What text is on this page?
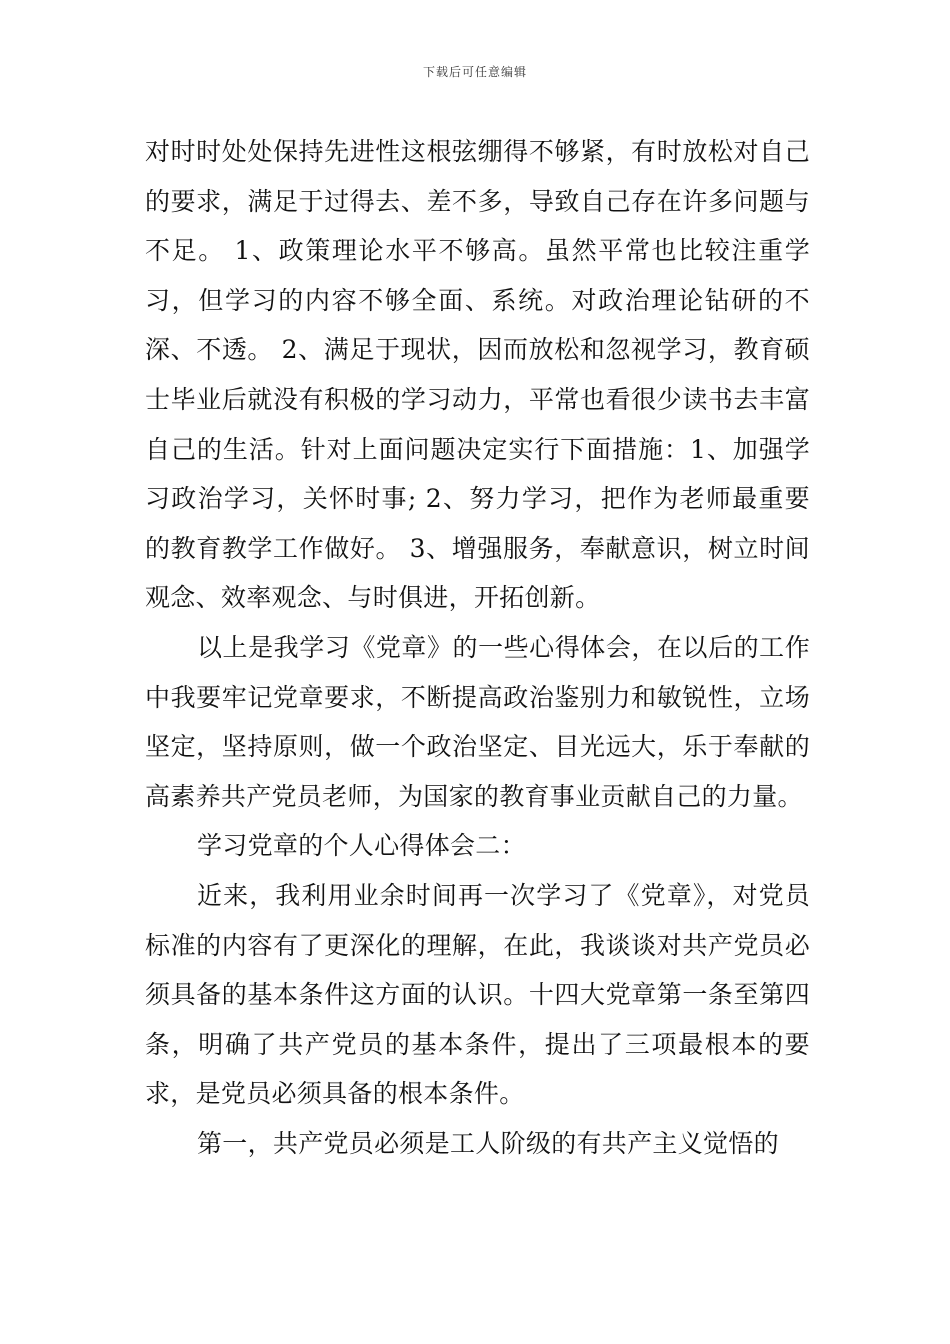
下载后可任意编辑

对时时处处保持先进性这根弦绷得不够紧，有时放松对自己的要求，满足于过得去、差不多，导致自己存在许多问题与不足。 1、政策理论水平不够高。虽然平常也比较注重学习，但学习的内容不够全面、系统。对政治理论钻研的不深、不透。 2、满足于现状，因而放松和忽视学习，教育硕士毕业后就没有积极的学习动力，平常也看很少读书去丰富自己的生活。针对上面问题决定实行下面措施：1、加强学习政治学习，关怀时事; 2、努力学习，把作为老师最重要的教育教学工作做好。 3、增强服务，奉献意识，树立时间观念、效率观念、与时俱进，开拓创新。

以上是我学习《党章》的一些心得体会，在以后的工作中我要牢记党章要求，不断提高政治鉴别力和敏锐性，立场坚定，坚持原则，做一个政治坚定、目光远大，乐于奉献的高素养共产党员老师，为国家的教育事业贡献自己的力量。

学习党章的个人心得体会二：

近来，我利用业余时间再一次学习了《党章》，对党员标准的内容有了更深化的理解，在此，我谈谈对共产党员必须具备的基本条件这方面的认识。十四大党章第一条至第四条，明确了共产党员的基本条件，提出了三项最根本的要求，是党员必须具备的根本条件。

第一，共产党员必须是工人阶级的有共产主义觉悟的
